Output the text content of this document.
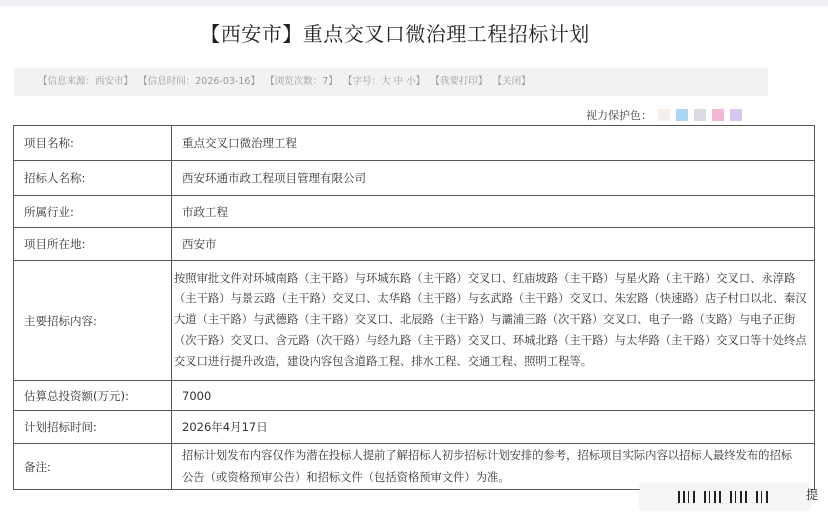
【西安市】重点交叉口微治理工程招标计划
【信息来源：西安市】 【信息时间：2026-03-16】 【浏览次数：7】 【字号：大 中 小】 【我要打印】 【关闭】
视力保护色：
项目名称:	重点交叉口微治理工程
招标人名称:	西安环通市政工程项目管理有限公司
所属行业:	市政工程
项目所在地:	西安市
主要招标内容:	按照审批文件对环城南路（主干路）与环城东路（主干路）交叉口、红庙坡路（主干路）与星火路（主干路）交叉口、永淳路（主干路）与景云路（主干路）交叉口、太华路（主干路）与玄武路（主干路）交叉口、朱宏路（快速路）店子村口以北、秦汉大道（主干路）与武德路（主干路）交叉口、北辰路（主干路）与灞浦三路（次干路）交叉口、电子一路（支路）与电子正街（次干路）交叉口、含元路（次干路）与经九路（主干路）交叉口、环城北路（主干路）与太华路（主干路）交叉口等十处终点交叉口进行提升改造，建设内容包含道路工程、排水工程、交通工程、照明工程等。
估算总投资额(万元):	7000
计划招标时间:	2026年4月17日
备注:	招标计划发布内容仅作为潜在投标人提前了解招标人初步招标计划安排的参考，招标项目实际内容以招标人最终发布的招标公告（或资格预审公告）和招标文件（包括资格预审文件）为准。
提
